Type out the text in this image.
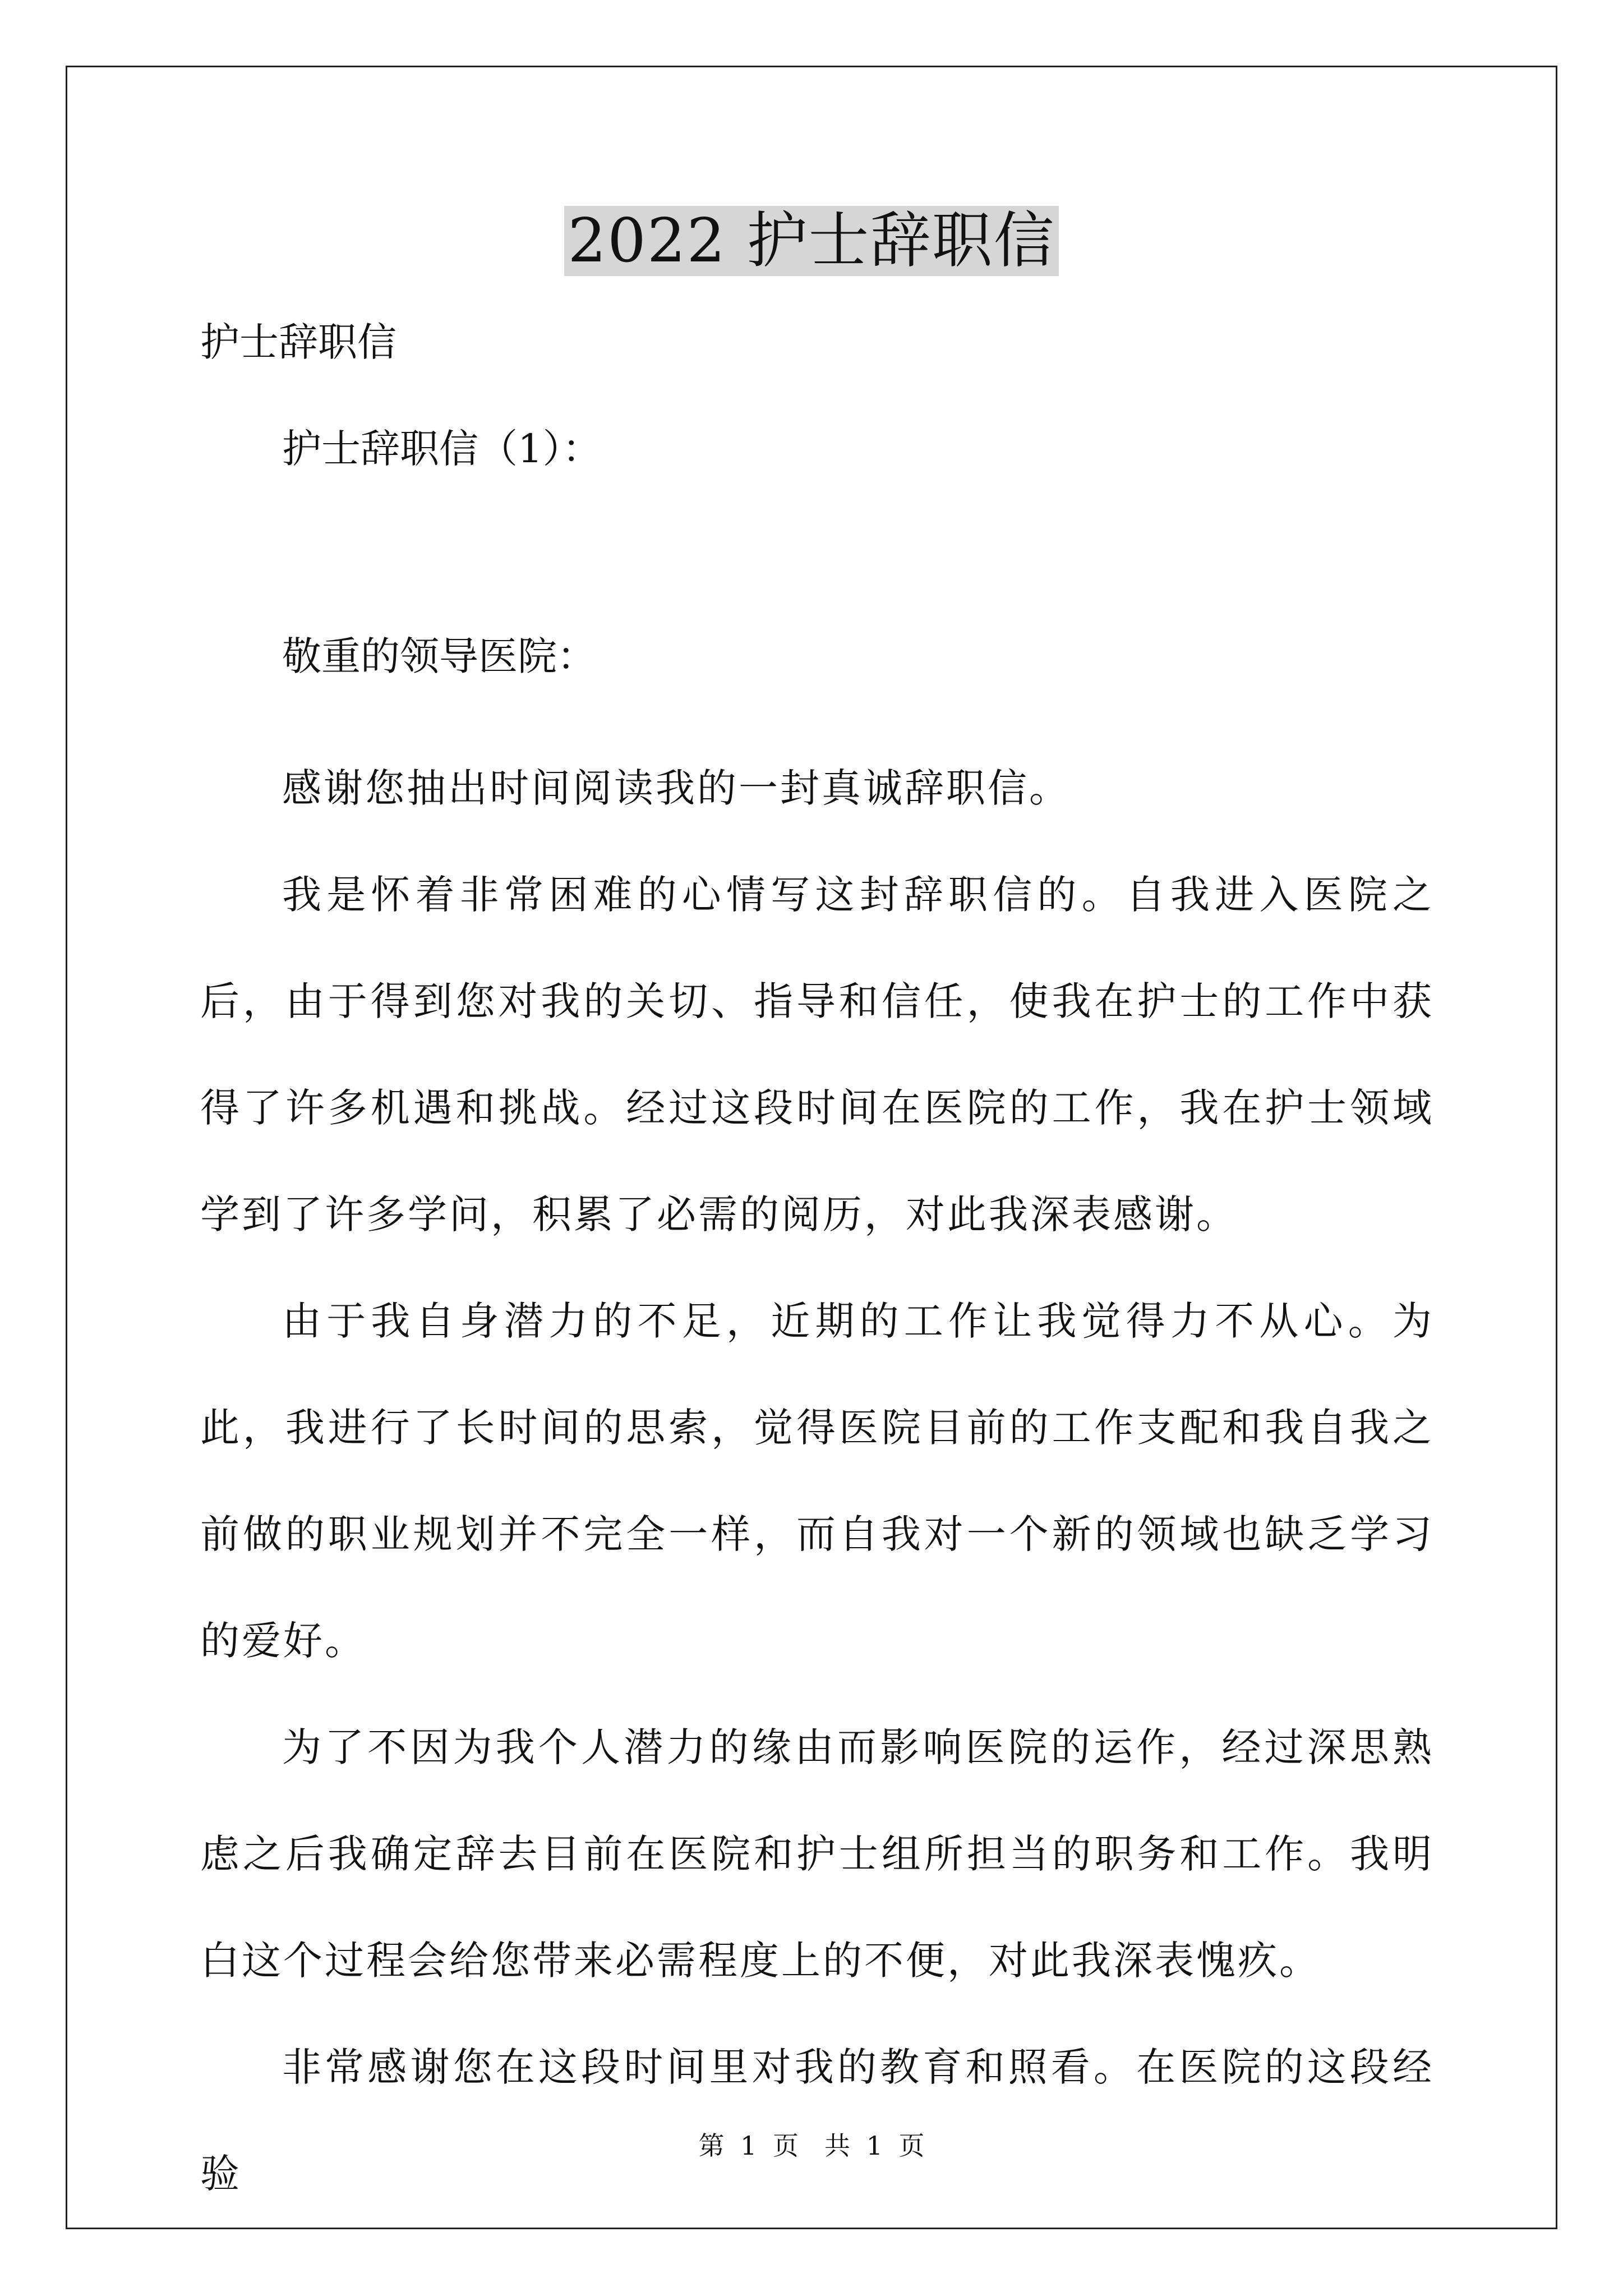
2022 护士辞职信
护士辞职信
护士辞职信（1）：
敬重的领导医院：

感谢您抽出时间阅读我的一封真诚辞职信。

我是怀着非常困难的心情写这封辞职信的。自我进入医院之后，由于得到您对我的关切、指导和信任，使我在护士的工作中获得了许多机遇和挑战。经过这段时间在医院的工作，我在护士领域学到了许多学问，积累了必需的阅历，对此我深表感谢。

由于我自身潜力的不足，近期的工作让我觉得力不从心。为此，我进行了长时间的思索，觉得医院目前的工作支配和我自我之前做的职业规划并不完全一样，而自我对一个新的领域也缺乏学习的爱好。

为了不因为我个人潜力的缘由而影响医院的运作，经过深思熟虑之后我确定辞去目前在医院和护士组所担当的职务和工作。我明白这个过程会给您带来必需程度上的不便，对此我深表愧疚。

非常感谢您在这段时间里对我的教育和照看。在医院的这段经验

第 1 页　共 1 页
